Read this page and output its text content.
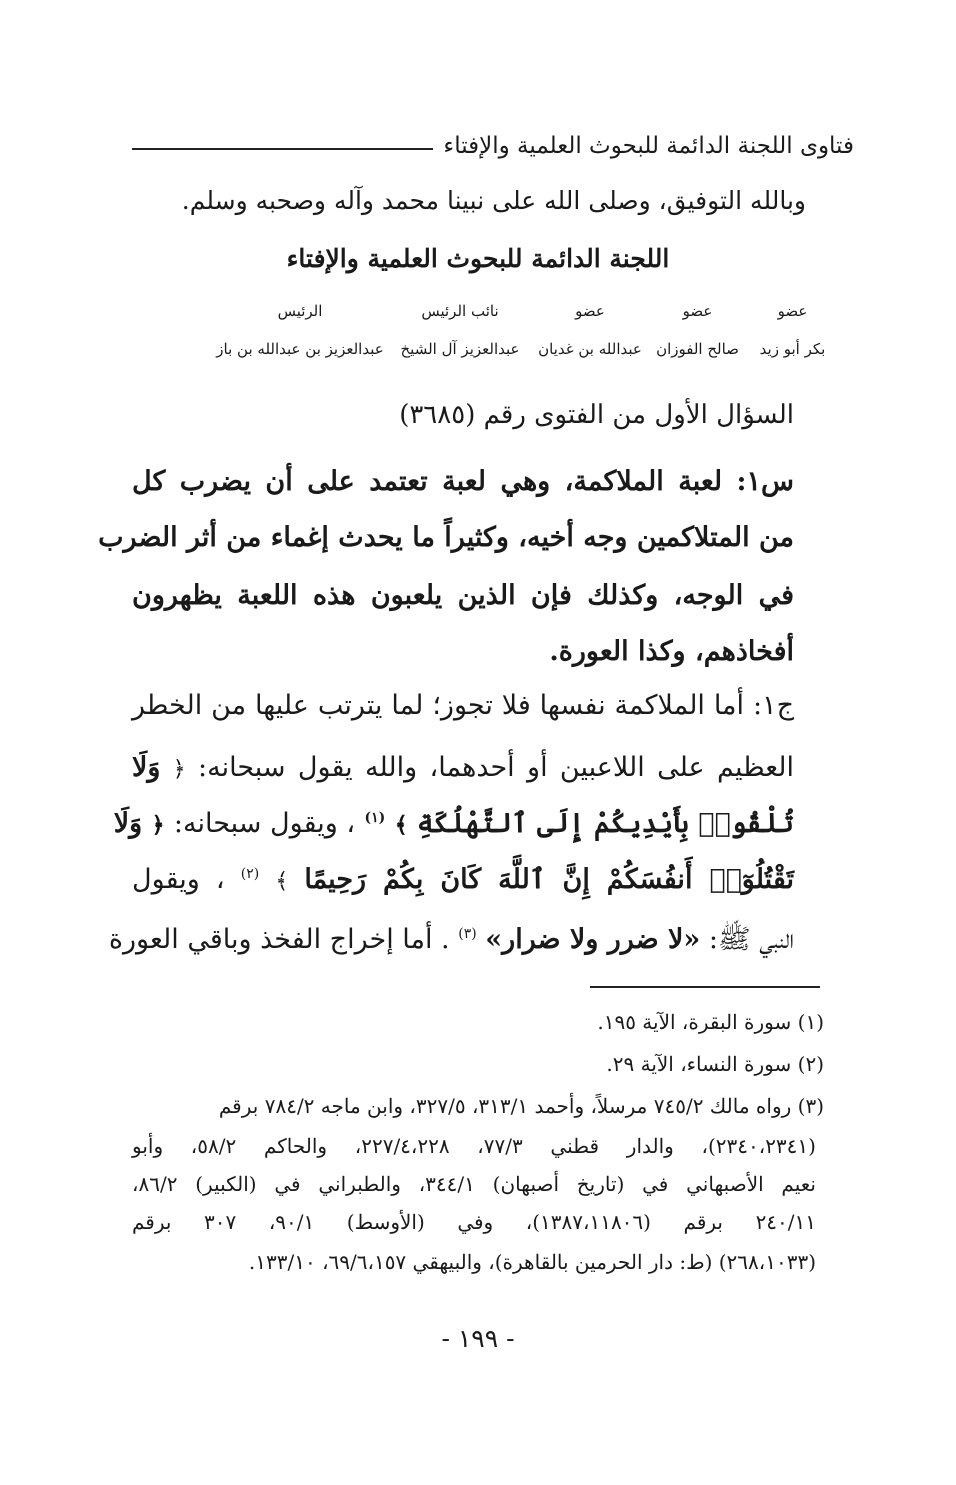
فتاوى اللجنة الدائمة للبحوث العلمية والإفتاء
وبالله التوفيق، وصلى الله على نبينا محمد وآله وصحبه وسلم.
اللجنة الدائمة للبحوث العلمية والإفتاء
عضو
عضو
عضو
نائب الرئيس
الرئيس
بكر أبو زيد
صالح الفوزان
عبدالله بن غديان
عبدالعزيز آل الشيخ
عبدالعزيز بن عبدالله بن باز
السؤال الأول من الفتوى رقم (٣٦٨٥)
س١: لعبة الملاكمة، وهي لعبة تعتمد على أن يضرب كل
من المتلاكمين وجه أخيه، وكثيراً ما يحدث إغماء من أثر الضرب
في الوجه، وكذلك فإن الذين يلعبون هذه اللعبة يظهرون
أفخاذهم، وكذا العورة.
ج١: أما الملاكمة نفسها فلا تجوز؛ لما يترتب عليها من الخطر
العظيم على اللاعبين أو أحدهما، والله يقول سبحانه: ﴿ وَلَا
تُلْقُوا۟ بِأَيْدِيكُمْ إِلَى ٱلتَّهْلُكَةِ ﴾ $^{(١)}$ ، ويقول سبحانه: ﴿ وَلَا
تَقْتُلُوٓا۟ أَنفُسَكُمْ إِنَّ ٱللَّهَ كَانَ بِكُمْ رَحِيمًا ﴾ $^{(٢)}$ ، ويقول
النبي ﷺ: «لا ضرر ولا ضرار» $^{(٣)}$ . أما إخراج الفخذ وباقي العورة
(١) سورة البقرة، الآية ١٩٥.
(٢) سورة النساء، الآية ٢٩.
(٣) رواه مالك ٧٤٥/٢ مرسلاً، وأحمد ٣١٣/١، ٣٢٧/٥، وابن ماجه ٧٨٤/٢ برقم
(٢٣٤٠،٢٣٤١)، والدار قطني ٧٧/٣، ٢٢٧/٤،٢٢٨، والحاكم ٥٨/٢، وأبو
نعيم الأصبهاني في (تاريخ أصبهان) ٣٤٤/١، والطبراني في (الكبير) ٨٦/٢،
٢٤٠/١١ برقم (١٣٨٧،١١٨٠٦)، وفي (الأوسط) ٩٠/١، ٣٠٧ برقم
(٢٦٨،١٠٣٣) (ط: دار الحرمين بالقاهرة)، والبيهقي ٦٩/٦،١٥٧، ١٣٣/١٠.
- ١٩٩ -
